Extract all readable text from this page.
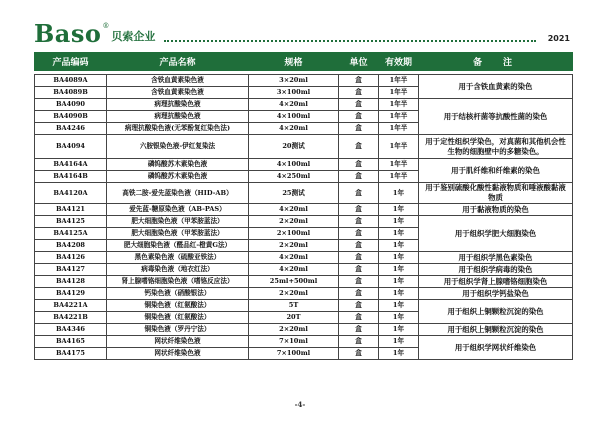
Baso ®
贝索企业	2021
产品编码	产品名称	规格	单位	有效期	备　注

BA4089A	含铁血黄素染色液	3×20ml	盒	1年半	用于含铁血黄素的染色
BA4089B	含铁血黄素染色液	3×100ml	盒	1年半	
BA4090	病理抗酸染色液	4×20ml	盒	1年半	用于结核杆菌等抗酸性菌的染色
BA4090B	病理抗酸染色液	4×100ml	盒	1年半	
BA4246	病理抗酸染色液(无苯酚复红染色法)	4×20ml	盒	1年半	
BA4094	六胺银染色液-伊红复染法	20测试	盒	1年半	用于定性组织学染色，对真菌和其他机会性生物的细胞壁中的多糖染色。
BA4164A	磷钨酸苏木素染色液	4×100ml	盒	1年半	用于肌纤维和纤维素的染色
BA4164B	磷钨酸苏木素染色液	4×250ml	盒	1年半	
BA4120A	高铁二胺-爱先蓝染色液（HID-AB）	25测试	盒	1年	用于鉴别硫酸化酸性黏液物质和唾液酸黏液物质
BA4121	爱先蓝-糖原染色液（AB-PAS）	4×20ml	盒	1年	用于黏液物质的染色
BA4125	肥大细胞染色液（甲苯胺蓝法）	2×20ml	盒	1年	用于组织学肥大细胞染色
BA4125A	肥大细胞染色液（甲苯胺蓝法）	2×100ml	盒	1年	
BA4208	肥大细胞染色液（醛品红-橙黄G法）	2×20ml	盒	1年	
BA4126	黑色素染色液（硫酸亚铁法）	4×20ml	盒	1年	用于组织学黑色素染色
BA4127	病毒染色液（地衣红法）	4×20ml	盒	1年	用于组织学病毒的染色
BA4128	肾上腺嗜铬细胞染色液（嗜铬反应法）	25ml+500ml	盒	1年	用于组织学肾上腺嗜铬细胞染色
BA4129	钙染色液（硝酸银法）	2×20ml	盒	1年	用于组织学钙盐染色
BA4221A	铜染色液（红氨酸法）	5T	盒	1年	用于组织上铜颗粒沉淀的染色
BA4221B	铜染色液（红氨酸法）	20T	盒	1年	
BA4346	铜染色液（罗丹宁法）	2×20ml	盒	1年	用于组织上铜颗粒沉淀的染色
BA4165	网状纤维染色液	7×10ml	盒	1年	用于组织学网状纤维染色
BA4175	网状纤维染色液	7×100ml	盒	1年	
-4-
